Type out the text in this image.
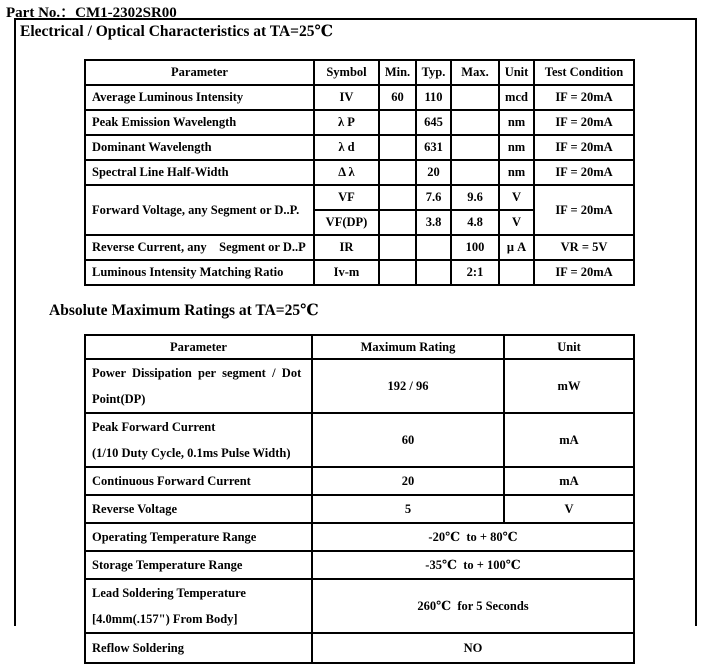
Part No.：CM1-2302SR00
Electrical / Optical Characteristics at TA=25℃
Parameter	Symbol	Min.	Typ.	Max.	Unit	Test Condition
Average Luminous Intensity	IV	60	110		mcd	IF = 20mA
Peak Emission Wavelength	λ P		645		nm	IF = 20mA
Dominant Wavelength	λ d		631		nm	IF = 20mA
Spectral Line Half-Width	Δ λ		20		nm	IF = 20mA
Forward Voltage, any Segment or D..P.	VF		7.6	9.6	V	IF = 20mA
	VF(DP)		3.8	4.8	V	
Reverse Current, any    Segment or D..P	IR			100	μ A	VR = 5V
Luminous Intensity Matching Ratio	Iv-m			2:1		IF = 20mA
Absolute Maximum Ratings at TA=25℃
Parameter	Maximum Rating	Unit
Power  Dissipation  per  segment  /  Dot
Point(DP)	192 / 96	mW
Peak Forward Current
(1/10 Duty Cycle, 0.1ms Pulse Width)	60	mA
Continuous Forward Current	20	mA
Reverse Voltage	5	V
Operating Temperature Range	-20℃  to + 80℃	
Storage Temperature Range	-35℃  to + 100℃	
Lead Soldering Temperature
[4.0mm(.157") From Body]	260℃  for 5 Seconds	
Reflow Soldering	NO	
